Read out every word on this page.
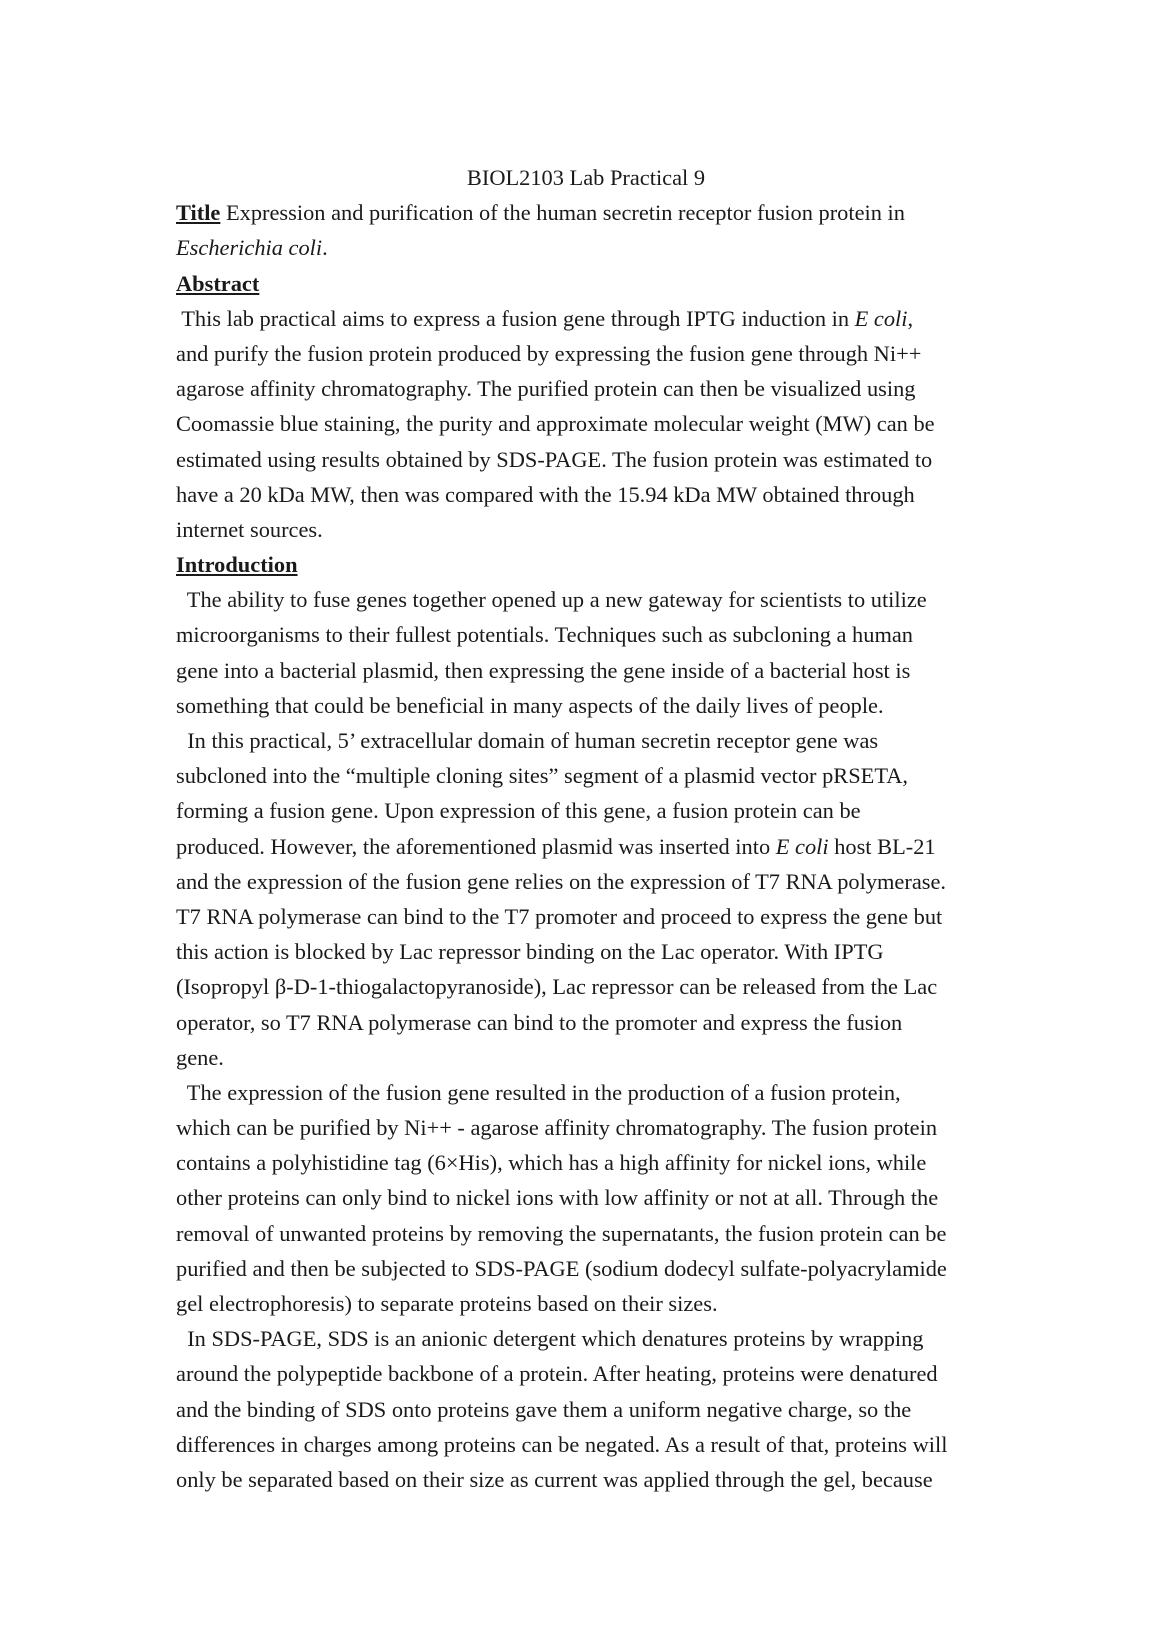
BIOL2103 Lab Practical 9
Title Expression and purification of the human secretin receptor fusion protein in
Escherichia coli.
Abstract
This lab practical aims to express a fusion gene through IPTG induction in E coli,
and purify the fusion protein produced by expressing the fusion gene through Ni++
agarose affinity chromatography. The purified protein can then be visualized using
Coomassie blue staining, the purity and approximate molecular weight (MW) can be
estimated using results obtained by SDS-PAGE. The fusion protein was estimated to
have a 20 kDa MW, then was compared with the 15.94 kDa MW obtained through
internet sources.
Introduction
The ability to fuse genes together opened up a new gateway for scientists to utilize
microorganisms to their fullest potentials. Techniques such as subcloning a human
gene into a bacterial plasmid, then expressing the gene inside of a bacterial host is
something that could be beneficial in many aspects of the daily lives of people.
In this practical, 5’ extracellular domain of human secretin receptor gene was
subcloned into the “multiple cloning sites” segment of a plasmid vector pRSETA,
forming a fusion gene. Upon expression of this gene, a fusion protein can be
produced. However, the aforementioned plasmid was inserted into E coli host BL-21
and the expression of the fusion gene relies on the expression of T7 RNA polymerase.
T7 RNA polymerase can bind to the T7 promoter and proceed to express the gene but
this action is blocked by Lac repressor binding on the Lac operator. With IPTG
(Isopropyl β-D-1-thiogalactopyranoside), Lac repressor can be released from the Lac
operator, so T7 RNA polymerase can bind to the promoter and express the fusion
gene.
The expression of the fusion gene resulted in the production of a fusion protein,
which can be purified by Ni++ - agarose affinity chromatography. The fusion protein
contains a polyhistidine tag (6×His), which has a high affinity for nickel ions, while
other proteins can only bind to nickel ions with low affinity or not at all. Through the
removal of unwanted proteins by removing the supernatants, the fusion protein can be
purified and then be subjected to SDS-PAGE (sodium dodecyl sulfate-polyacrylamide
gel electrophoresis) to separate proteins based on their sizes.
In SDS-PAGE, SDS is an anionic detergent which denatures proteins by wrapping
around the polypeptide backbone of a protein. After heating, proteins were denatured
and the binding of SDS onto proteins gave them a uniform negative charge, so the
differences in charges among proteins can be negated. As a result of that, proteins will
only be separated based on their size as current was applied through the gel, because
